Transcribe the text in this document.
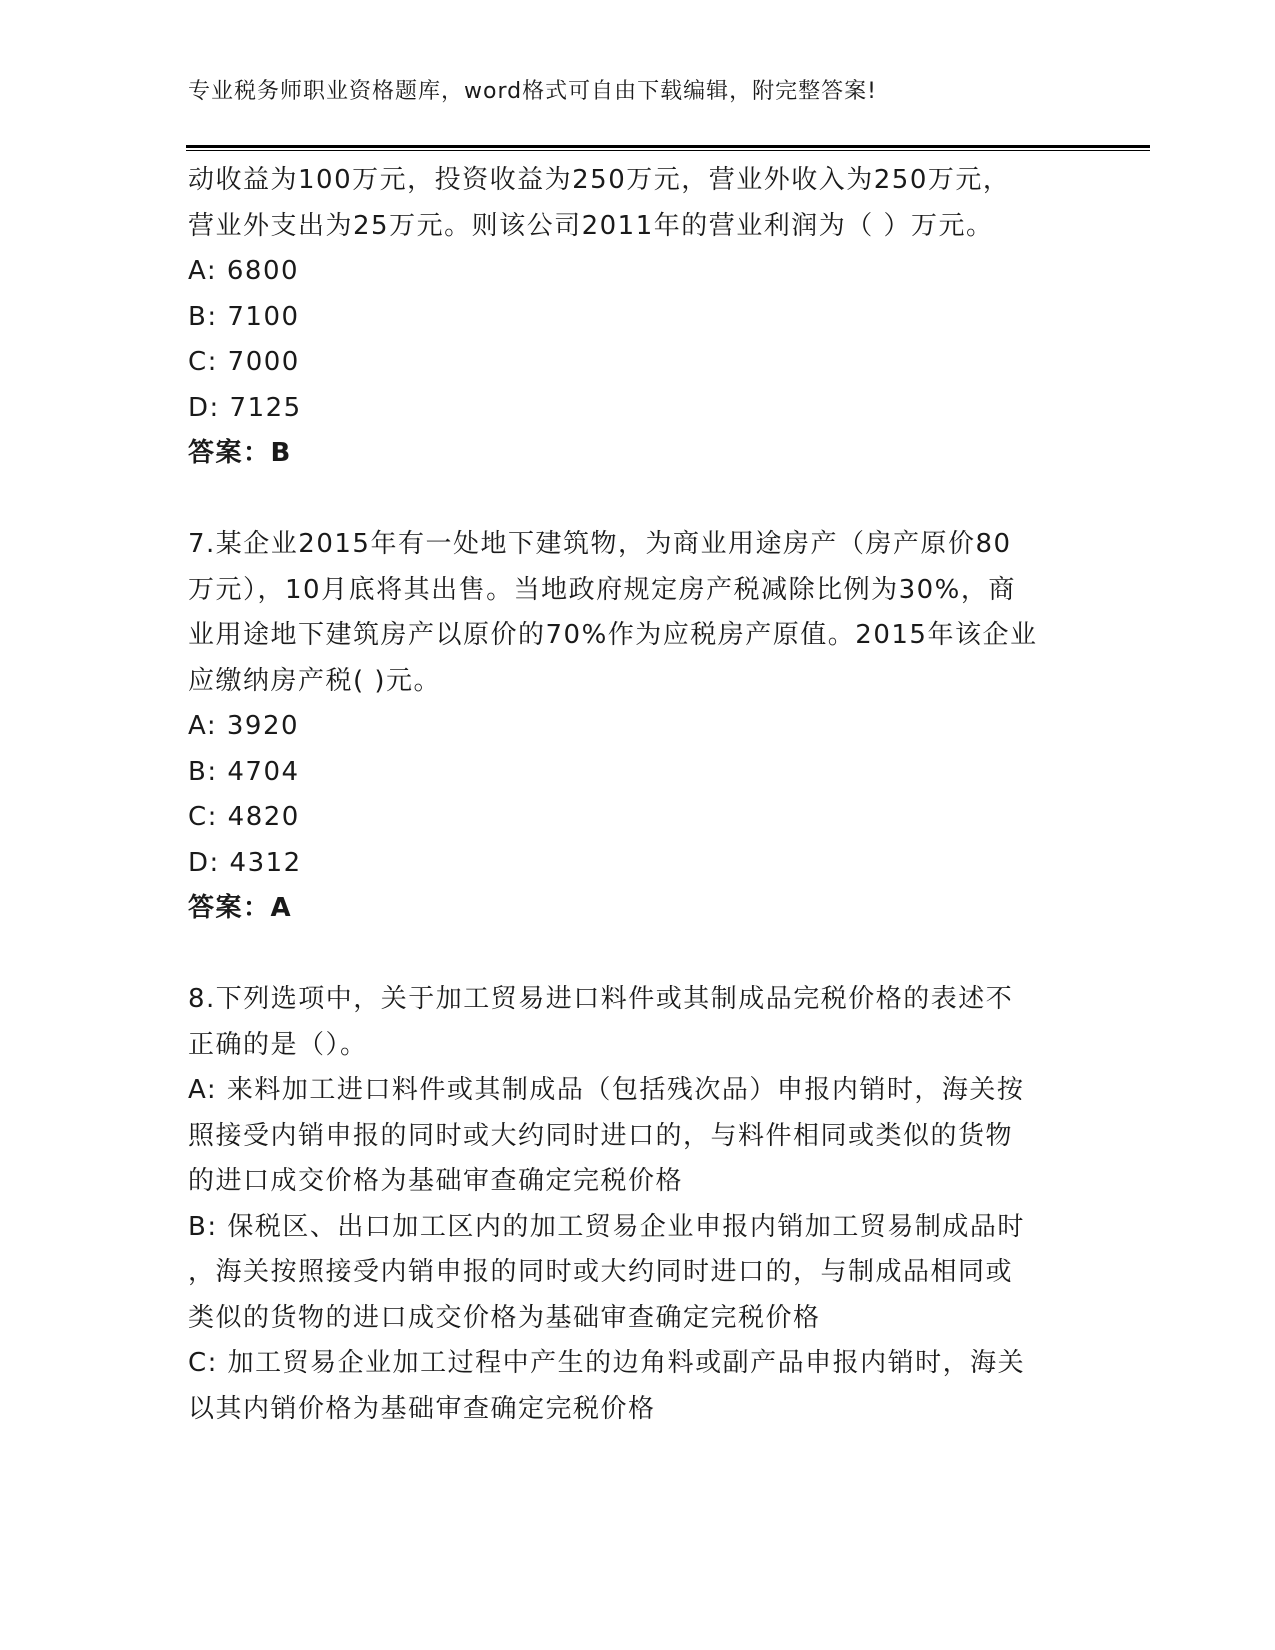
专业税务师职业资格题库，word格式可自由下载编辑，附完整答案!
动收益为100万元，投资收益为250万元，营业外收入为250万元，
营业外支出为25万元。则该公司2011年的营业利润为（ ）万元。
A: 6800
B: 7100
C: 7000
D: 7125
答案：B
7.某企业2015年有一处地下建筑物，为商业用途房产（房产原价80
万元），10月底将其出售。当地政府规定房产税减除比例为30%，商
业用途地下建筑房产以原价的70%作为应税房产原值。2015年该企业
应缴纳房产税( )元。
A: 3920
B: 4704
C: 4820
D: 4312
答案：A
8.下列选项中，关于加工贸易进口料件或其制成品完税价格的表述不
正确的是（）。
A: 来料加工进口料件或其制成品（包括残次品）申报内销时，海关按
照接受内销申报的同时或大约同时进口的，与料件相同或类似的货物
的进口成交价格为基础审查确定完税价格
B: 保税区、出口加工区内的加工贸易企业申报内销加工贸易制成品时
，海关按照接受内销申报的同时或大约同时进口的，与制成品相同或
类似的货物的进口成交价格为基础审查确定完税价格
C: 加工贸易企业加工过程中产生的边角料或副产品申报内销时，海关
以其内销价格为基础审查确定完税价格
